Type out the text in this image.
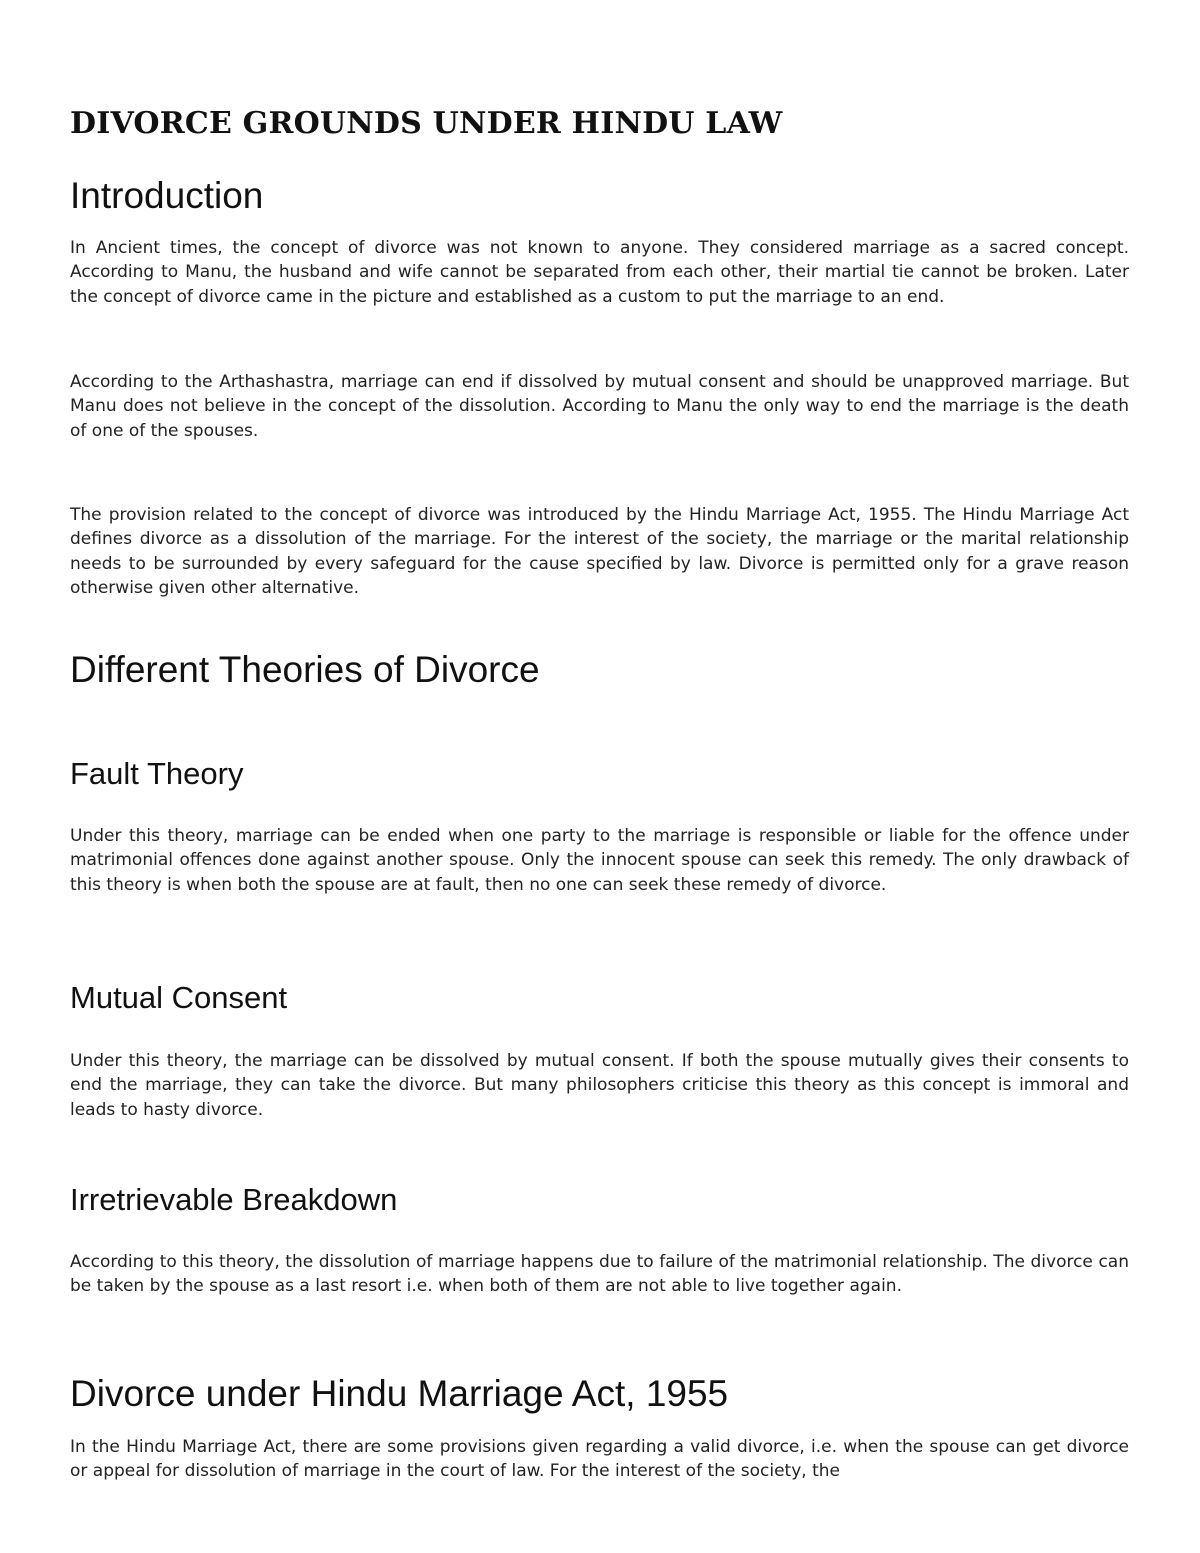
DIVORCE GROUNDS UNDER HINDU LAW
Introduction

In Ancient times, the concept of divorce was not known to anyone. They considered marriage as a sacred concept. According to Manu, the husband and wife cannot be separated from each other, their martial tie cannot be broken. Later the concept of divorce came in the picture and established as a custom to put the marriage to an end.

According to the Arthashastra, marriage can end if dissolved by mutual consent and should be unapproved marriage. But Manu does not believe in the concept of the dissolution. According to Manu the only way to end the marriage is the death of one of the spouses.

The provision related to the concept of divorce was introduced by the Hindu Marriage Act, 1955. The Hindu Marriage Act defines divorce as a dissolution of the marriage. For the interest of the society, the marriage or the marital relationship needs to be surrounded by every safeguard for the cause specified by law. Divorce is permitted only for a grave reason otherwise given other alternative.

Different Theories of Divorce
Fault Theory

Under this theory, marriage can be ended when one party to the marriage is responsible or liable for the offence under matrimonial offences done against another spouse. Only the innocent spouse can seek this remedy. The only drawback of this theory is when both the spouse are at fault, then no one can seek these remedy of divorce.

Mutual Consent

Under this theory, the marriage can be dissolved by mutual consent. If both the spouse mutually gives their consents to end the marriage, they can take the divorce. But many philosophers criticise this theory as this concept is immoral and leads to hasty divorce.

Irretrievable Breakdown

According to this theory, the dissolution of marriage happens due to failure of the matrimonial relationship. The divorce can be taken by the spouse as a last resort i.e. when both of them are not able to live together again.

Divorce under Hindu Marriage Act, 1955

In the Hindu Marriage Act, there are some provisions given regarding a valid divorce, i.e. when the spouse can get divorce or appeal for dissolution of marriage in the court of law. For the interest of the society, the
